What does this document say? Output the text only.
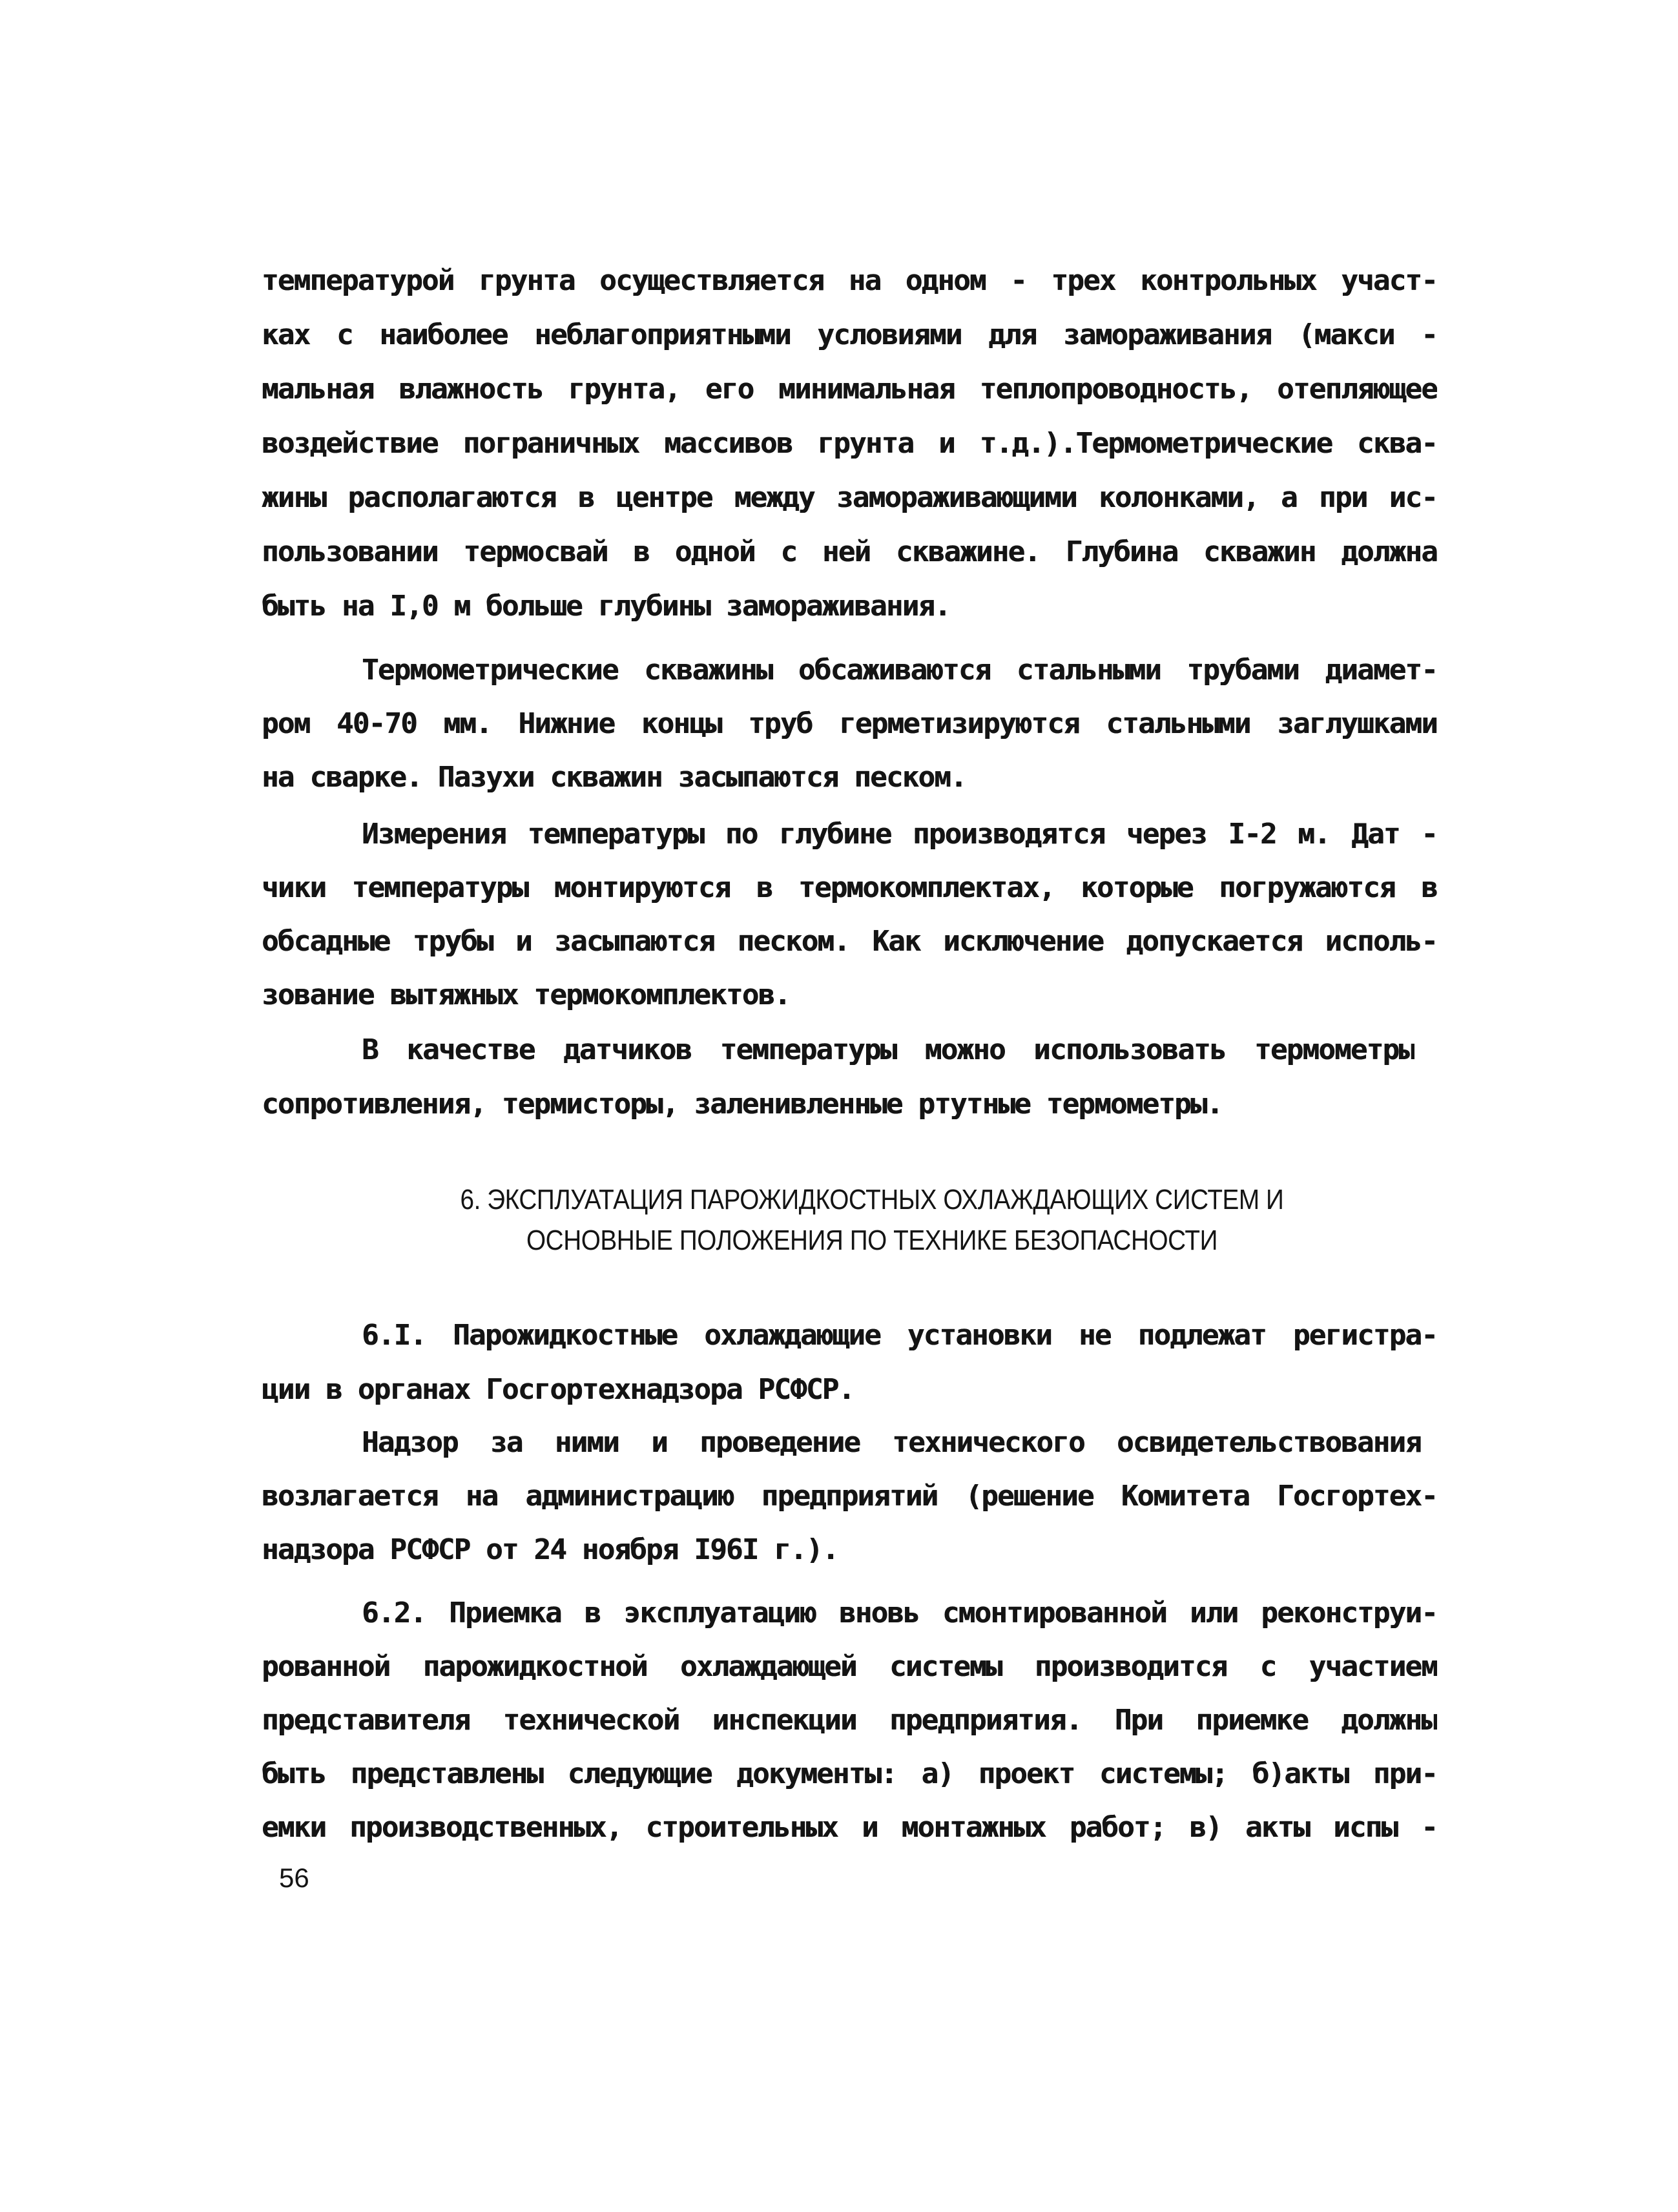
температурой грунта осуществляется на одном - трех контрольных участ-
ках с наиболее неблагоприятными условиями для замораживания (макси -
мальная влажность грунта, его минимальная теплопроводность, отепляющее
воздействие пограничных массивов грунта и т.д.).Термометрические сква-
жины располагаются в центре между замораживающими колонками, а при ис-
пользовании термосвай в одной с ней скважине. Глубина скважин должна
быть на I,0 м больше глубины замораживания.
Термометрические скважины обсаживаются стальными трубами диамет-
ром 40-70 мм. Нижние концы труб герметизируются стальными заглушками
на сварке. Пазухи скважин засыпаются песком.
Измерения температуры по глубине производятся через I-2 м. Дат -
чики температуры монтируются в термокомплектах, которые погружаются в
обсадные трубы и засыпаются песком. Как исключение допускается исполь-
зование вытяжных термокомплектов.
В качестве датчиков температуры можно использовать термометры
сопротивления, термисторы, заленивленные ртутные термометры.
6. ЭКСПЛУАТАЦИЯ ПАРОЖИДКОСТНЫХ ОХЛАЖДАЮЩИХ СИСТЕМ И
ОСНОВНЫЕ ПОЛОЖЕНИЯ ПО ТЕХНИКЕ БЕЗОПАСНОСТИ
6.I. Парожидкостные охлаждающие установки не подлежат регистра-
ции в органах Госгортехнадзора РСФСР.
Надзор за ними и проведение технического освидетельствования
возлагается на администрацию предприятий (решение Комитета Госгортех-
надзора РСФСР от 24 ноября I96I г.).
6.2. Приемка в эксплуатацию вновь смонтированной или реконструи-
рованной парожидкостной охлаждающей системы производится с участием
представителя технической инспекции предприятия. При приемке должны
быть представлены следующие документы: а) проект системы; б)акты при-
емки производственных, строительных и монтажных работ; в) акты испы -
56
